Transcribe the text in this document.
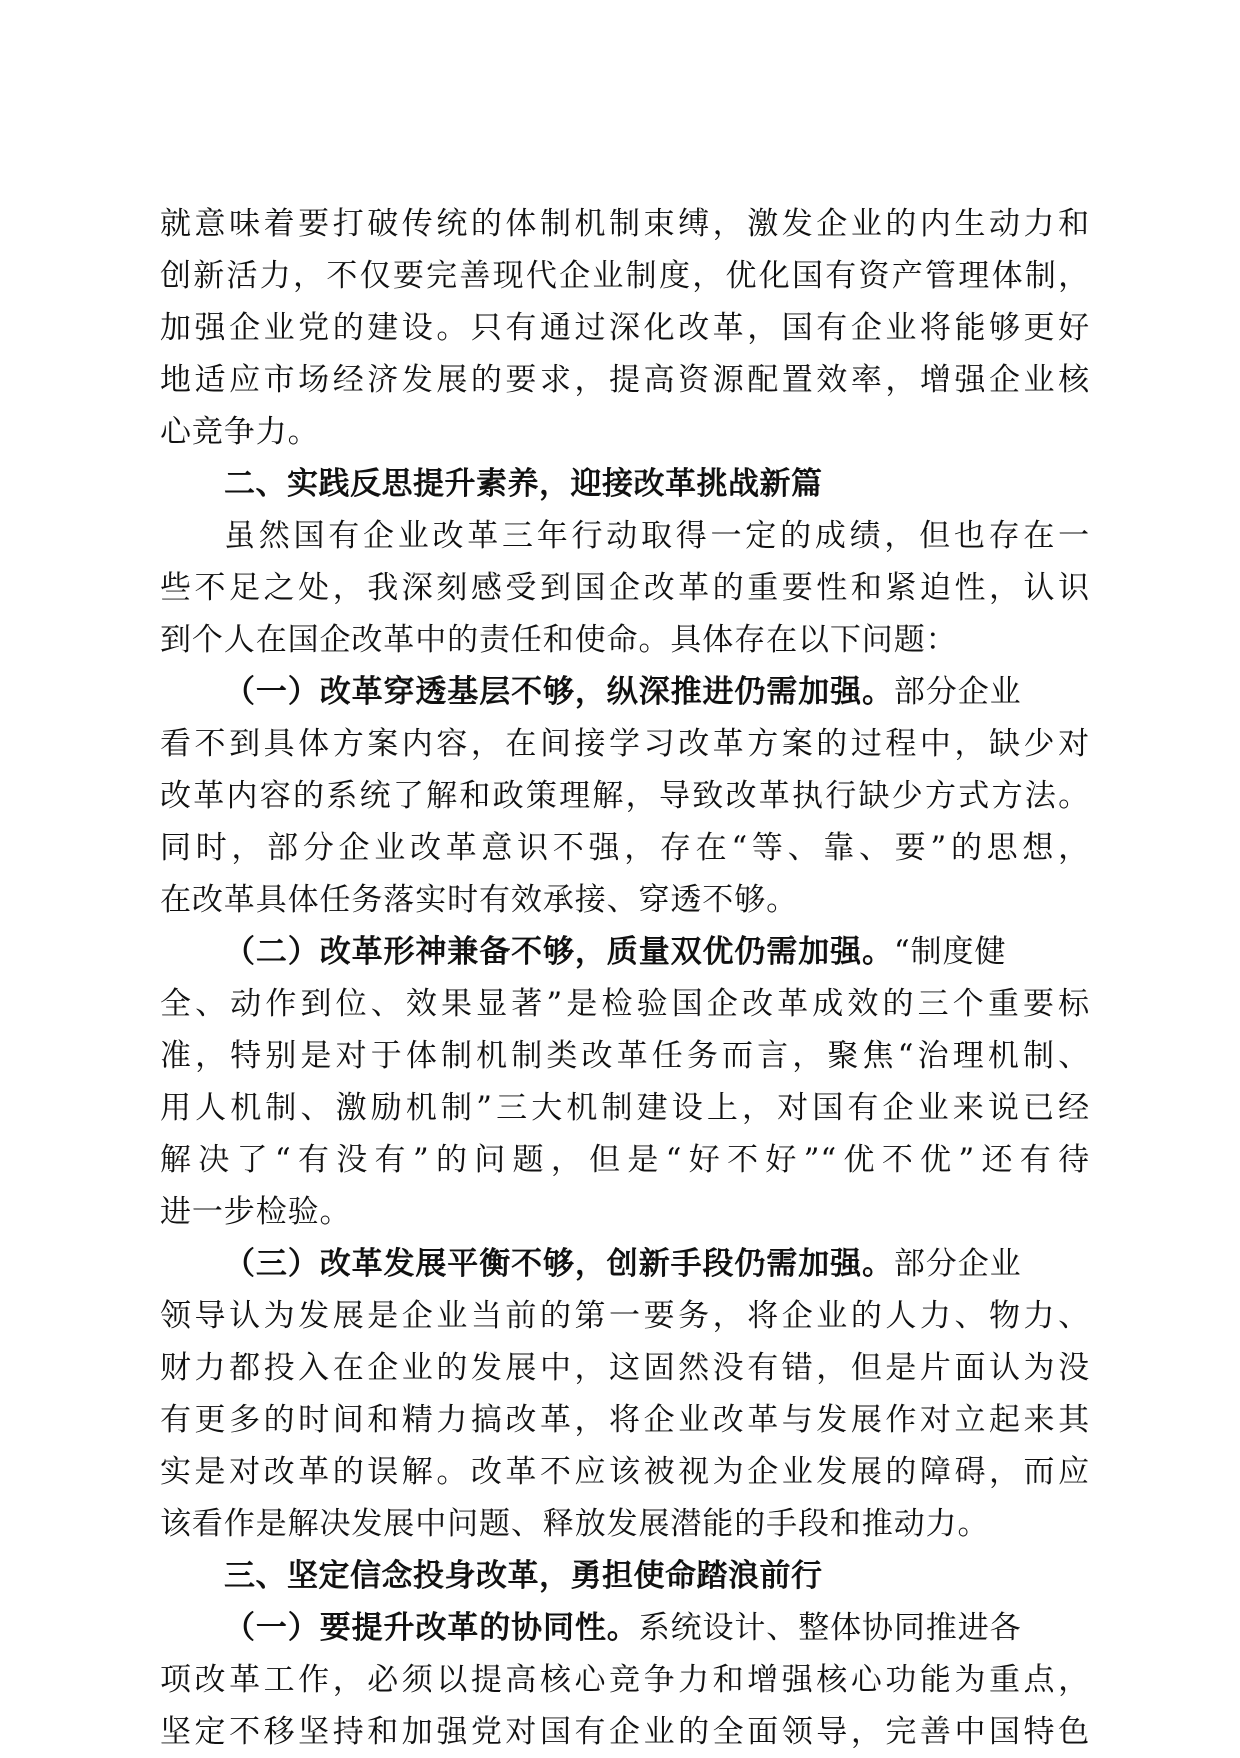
就意味着要打破传统的体制机制束缚，激发企业的内生动力和
创新活力，不仅要完善现代企业制度，优化国有资产管理体制，
加强企业党的建设。只有通过深化改革，国有企业将能够更好
地适应市场经济发展的要求，提高资源配置效率，增强企业核
心竞争力。
二、实践反思提升素养，迎接改革挑战新篇
虽然国有企业改革三年行动取得一定的成绩，但也存在一
些不足之处，我深刻感受到国企改革的重要性和紧迫性，认识
到个人在国企改革中的责任和使命。具体存在以下问题：
（一）改革穿透基层不够，纵深推进仍需加强。部分企业
看不到具体方案内容，在间接学习改革方案的过程中，缺少对
改革内容的系统了解和政策理解，导致改革执行缺少方式方法。
同时，部分企业改革意识不强，存在“等、靠、要”的思想，
在改革具体任务落实时有效承接、穿透不够。
（二）改革形神兼备不够，质量双优仍需加强。“制度健
全、动作到位、效果显著”是检验国企改革成效的三个重要标
准，特别是对于体制机制类改革任务而言，聚焦“治理机制、
用人机制、激励机制”三大机制建设上，对国有企业来说已经
解决了“有没有”的问题，但是“好不好”“优不优”还有待
进一步检验。
（三）改革发展平衡不够，创新手段仍需加强。部分企业
领导认为发展是企业当前的第一要务，将企业的人力、物力、
财力都投入在企业的发展中，这固然没有错，但是片面认为没
有更多的时间和精力搞改革，将企业改革与发展作对立起来其
实是对改革的误解。改革不应该被视为企业发展的障碍，而应
该看作是解决发展中问题、释放发展潜能的手段和推动力。
三、坚定信念投身改革，勇担使命踏浪前行
（一）要提升改革的协同性。系统设计、整体协同推进各
项改革工作，必须以提高核心竞争力和增强核心功能为重点，
坚定不移坚持和加强党对国有企业的全面领导，完善中国特色
